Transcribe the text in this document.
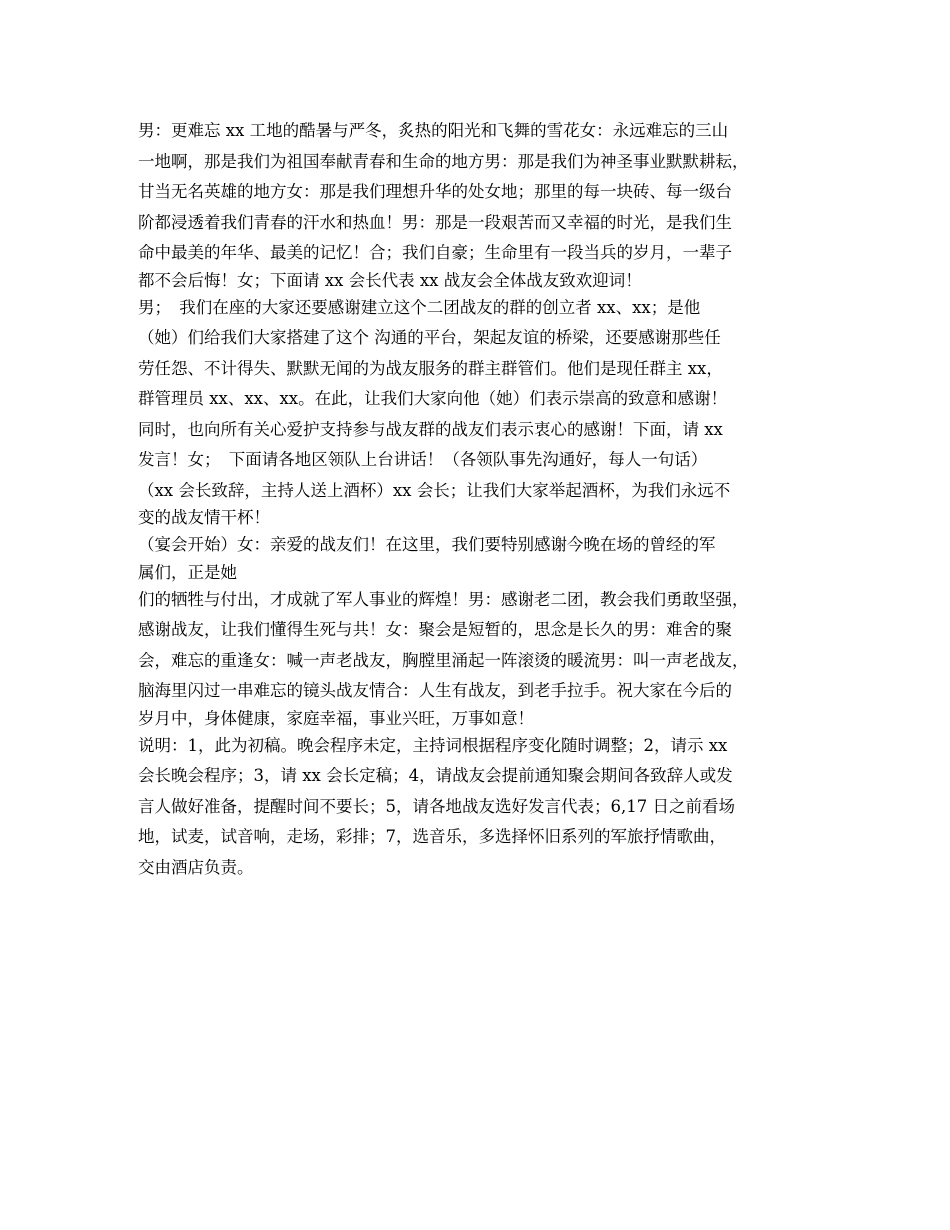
男：更难忘 xx 工地的酷暑与严冬，炙热的阳光和飞舞的雪花女：永远难忘的三山
一地啊，那是我们为祖国奉献青春和生命的地方男：那是我们为神圣事业默默耕耘，
甘当无名英雄的地方女：那是我们理想升华的处女地；那里的每一块砖、每一级台
阶都浸透着我们青春的汗水和热血！男：那是一段艰苦而又幸福的时光，是我们生
命中最美的年华、最美的记忆！合；我们自豪；生命里有一段当兵的岁月，一辈子
都不会后悔！女；下面请 xx 会长代表 xx 战友会全体战友致欢迎词！
男；　我们在座的大家还要感谢建立这个二团战友的群的创立者 xx、xx；是他
（她）们给我们大家搭建了这个 沟通的平台，架起友谊的桥梁，还要感谢那些任
劳任怨、不计得失、默默无闻的为战友服务的群主群管们。他们是现任群主 xx，
群管理员 xx、xx、xx。在此，让我们大家向他（她）们表示崇高的致意和感谢！
同时，也向所有关心爱护支持参与战友群的战友们表示衷心的感谢！下面，请 xx
发言！女；　下面请各地区领队上台讲话！（各领队事先沟通好，每人一句话）
（xx 会长致辞，主持人送上酒杯）xx 会长；让我们大家举起酒杯，为我们永远不
变的战友情干杯！
（宴会开始）女：亲爱的战友们！在这里，我们要特别感谢今晚在场的曾经的军
属们，正是她
们的牺牲与付出，才成就了军人事业的辉煌！男：感谢老二团，教会我们勇敢坚强，
感谢战友，让我们懂得生死与共！女：聚会是短暂的，思念是长久的男：难舍的聚
会，难忘的重逢女：喊一声老战友，胸膛里涌起一阵滚烫的暖流男：叫一声老战友，
脑海里闪过一串难忘的镜头战友情合：人生有战友，到老手拉手。祝大家在今后的
岁月中，身体健康，家庭幸福，事业兴旺，万事如意！
说明：1，此为初稿。晚会程序未定，主持词根据程序变化随时调整；2，请示 xx
会长晚会程序；3，请 xx 会长定稿；4，请战友会提前通知聚会期间各致辞人或发
言人做好准备，提醒时间不要长；5，请各地战友选好发言代表；6,17 日之前看场
地，试麦，试音响，走场，彩排；7，选音乐，多选择怀旧系列的军旅抒情歌曲，
交由酒店负责。
